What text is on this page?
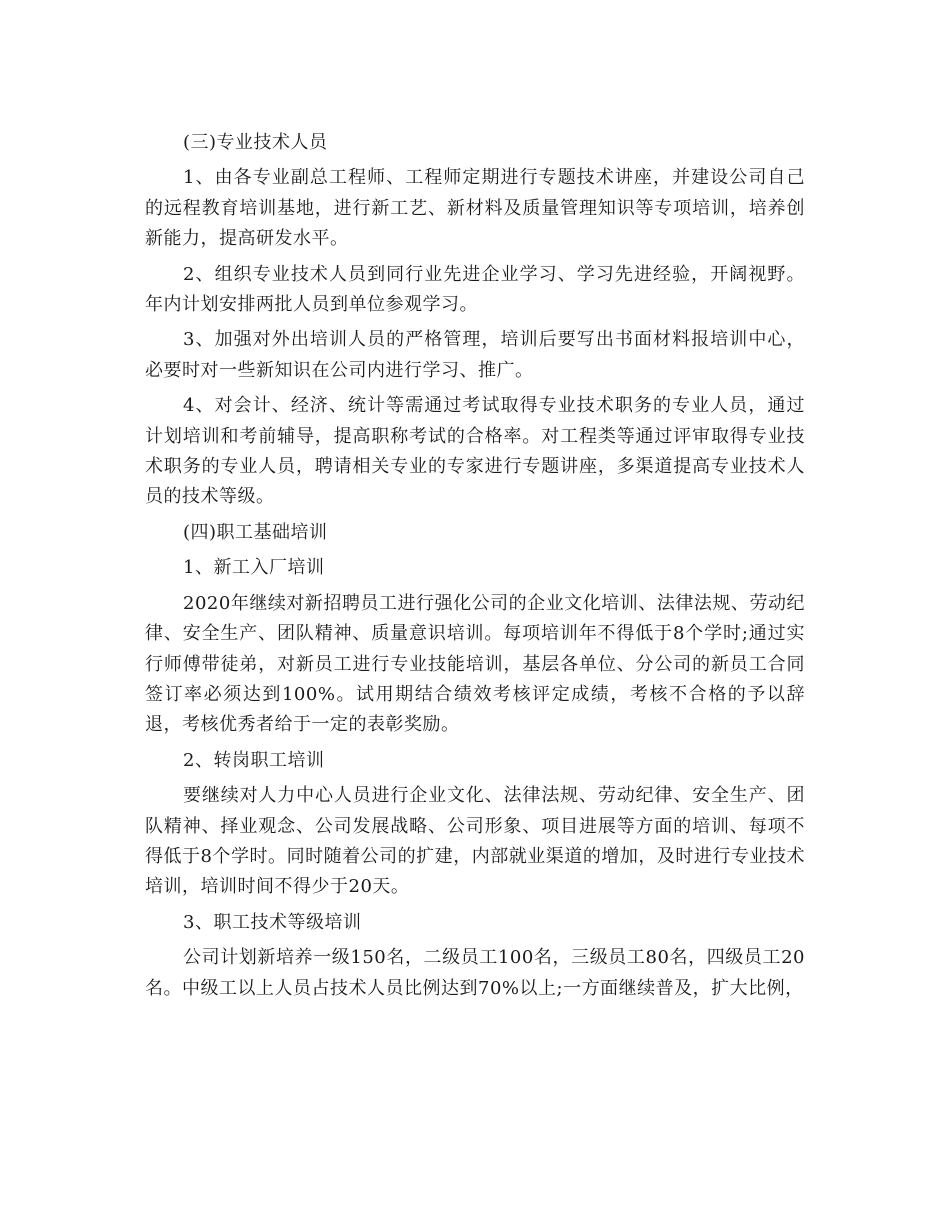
(三)专业技术人员

1、由各专业副总工程师、工程师定期进行专题技术讲座，并建设公司自己的远程教育培训基地，进行新工艺、新材料及质量管理知识等专项培训，培养创新能力，提高研发水平。

2、组织专业技术人员到同行业先进企业学习、学习先进经验，开阔视野。年内计划安排两批人员到单位参观学习。

3、加强对外出培训人员的严格管理，培训后要写出书面材料报培训中心，必要时对一些新知识在公司内进行学习、推广。

4、对会计、经济、统计等需通过考试取得专业技术职务的专业人员，通过计划培训和考前辅导，提高职称考试的合格率。对工程类等通过评审取得专业技术职务的专业人员，聘请相关专业的专家进行专题讲座，多渠道提高专业技术人员的技术等级。

(四)职工基础培训

1、新工入厂培训

2020年继续对新招聘员工进行强化公司的企业文化培训、法律法规、劳动纪律、安全生产、团队精神、质量意识培训。每项培训年不得低于8个学时;通过实行师傅带徒弟，对新员工进行专业技能培训，基层各单位、分公司的新员工合同签订率必须达到100%。试用期结合绩效考核评定成绩，考核不合格的予以辞退，考核优秀者给于一定的表彰奖励。

2、转岗职工培训

要继续对人力中心人员进行企业文化、法律法规、劳动纪律、安全生产、团队精神、择业观念、公司发展战略、公司形象、项目进展等方面的培训、每项不得低于8个学时。同时随着公司的扩建，内部就业渠道的增加，及时进行专业技术培训，培训时间不得少于20天。

3、职工技术等级培训

公司计划新培养一级150名，二级员工100名，三级员工80名，四级员工20名。中级工以上人员占技术人员比例达到70%以上;一方面继续普及，扩大比例，
